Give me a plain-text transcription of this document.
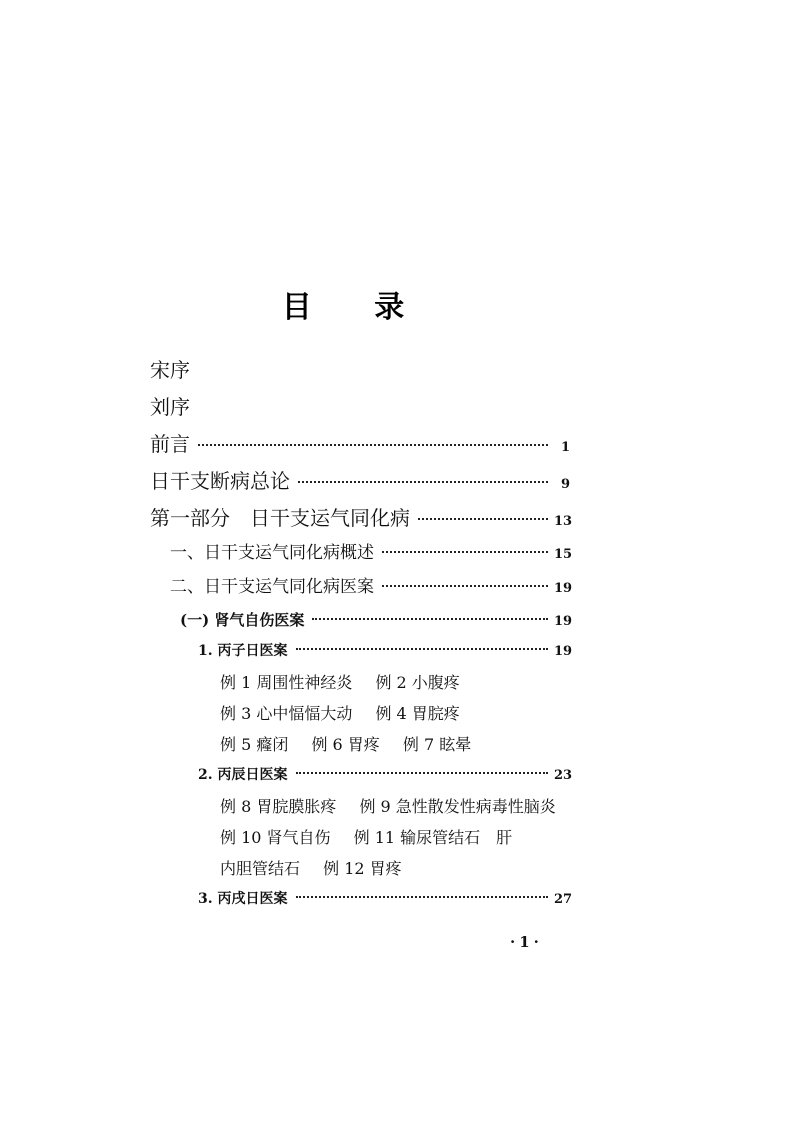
目 录
宋序
刘序
前言	1
日干支断病总论	9
第一部分　日干支运气同化病	13
一、日干支运气同化病概述	15
二、日干支运气同化病医案	19
(一) 肾气自伤医案	19
1. 丙子日医案	19
例 1 周围性神经炎 例 2 小腹疼
例 3 心中愊愊大动 例 4 胃脘疼
例 5 癃闭 例 6 胃疼 例 7 眩晕
2. 丙辰日医案	23
例 8 胃脘膜胀疼 例 9 急性散发性病毒性脑炎
例 10 肾气自伤 例 11 输尿管结石　肝
内胆管结石 例 12 胃疼
3. 丙戌日医案	27
·1·
